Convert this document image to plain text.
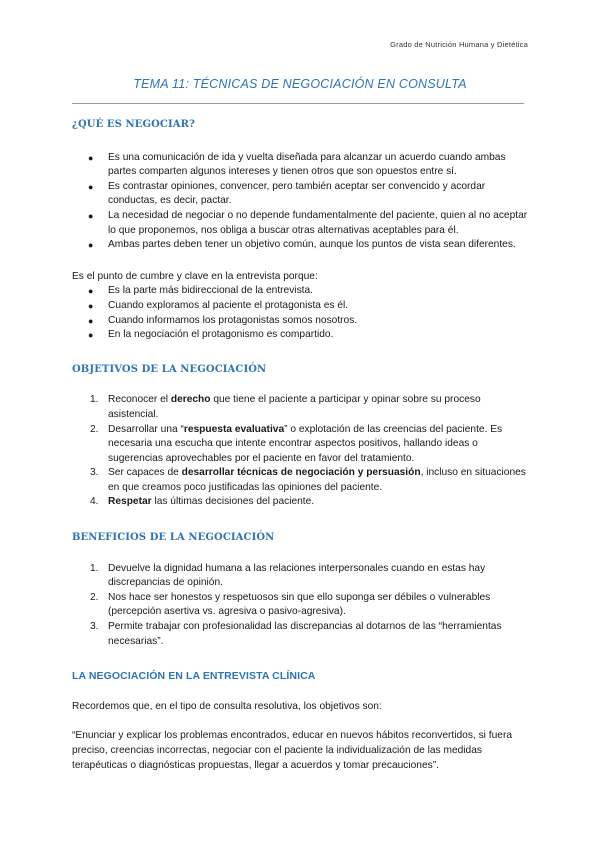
Grado de Nutrición Humana y Dietética
TEMA 11: TÉCNICAS DE NEGOCIACIÓN EN CONSULTA
¿QUÉ ES NEGOCIAR?
● Es una comunicación de ida y vuelta diseñada para alcanzar un acuerdo cuando ambas partes comparten algunos intereses y tienen otros que son opuestos entre sí.
● Es contrastar opiniones, convencer, pero también aceptar ser convencido y acordar conductas, es decir, pactar.
● La necesidad de negociar o no depende fundamentalmente del paciente, quien al no aceptar lo que proponemos, nos obliga a buscar otras alternativas aceptables para él.
● Ambas partes deben tener un objetivo común, aunque los puntos de vista sean diferentes.

Es el punto de cumbre y clave en la entrevista porque:

● Es la parte más bidireccional de la entrevista.
● Cuando exploramos al paciente el protagonista es él.
● Cuando informamos los protagonistas somos nosotros.
● En la negociación el protagonismo es compartido.
OBJETIVOS DE LA NEGOCIACIÓN
1. Reconocer el derecho que tiene el paciente a participar y opinar sobre su proceso asistencial.
2. Desarrollar una “respuesta evaluativa” o explotación de las creencias del paciente. Es necesaria una escucha que intente encontrar aspectos positivos, hallando ideas o sugerencias aprovechables por el paciente en favor del tratamiento.
3. Ser capaces de desarrollar técnicas de negociación y persuasión, incluso en situaciones en que creamos poco justificadas las opiniones del paciente.
4. Respetar las últimas decisiones del paciente.
BENEFICIOS DE LA NEGOCIACIÓN
1. Devuelve la dignidad humana a las relaciones interpersonales cuando en estas hay discrepancias de opinión.
2. Nos hace ser honestos y respetuosos sin que ello suponga ser débiles o vulnerables (percepción asertiva vs. agresiva o pasivo-agresiva).
3. Permite trabajar con profesionalidad las discrepancias al dotarnos de las “herramientas necesarias”.
LA NEGOCIACIÓN EN LA ENTREVISTA CLÍNICA

Recordemos que, en el tipo de consulta resolutiva, los objetivos son:

“Enunciar y explicar los problemas encontrados, educar en nuevos hábitos reconvertidos, si fuera preciso, creencias incorrectas, negociar con el paciente la individualización de las medidas terapéuticas o diagnósticas propuestas, llegar a acuerdos y tomar precauciones”.
